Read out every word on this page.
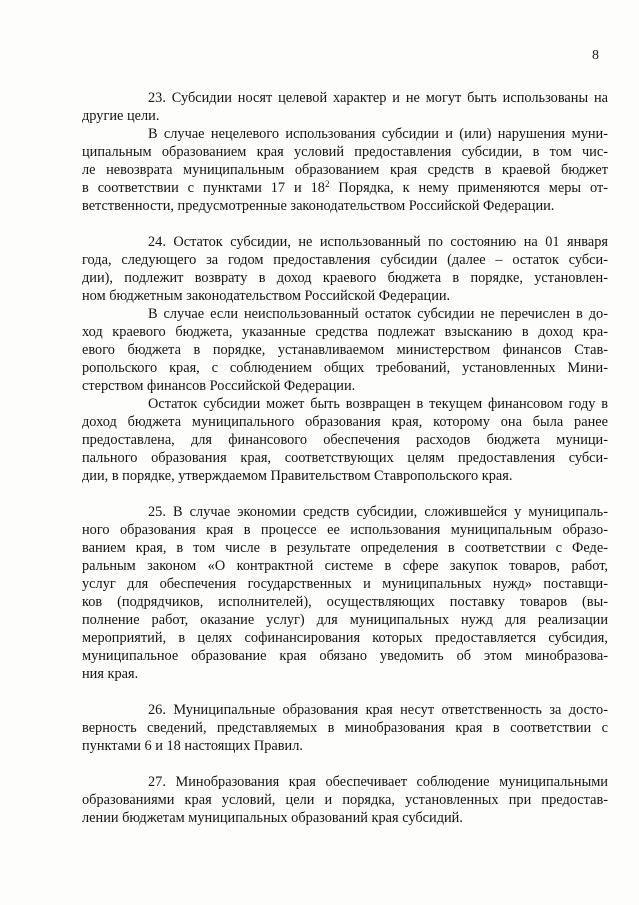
8

23. Субсидии носят целевой характер и не могут быть использованы на
другие цели.

В случае нецелевого использования субсидии и (или) нарушения муни-
ципальным образованием края условий предоставления субсидии, в том чис-
ле невозврата муниципальным образованием края средств в краевой бюджет
в соответствии с пунктами 17 и $18^2$ Порядка, к нему применяются меры от-
ветственности, предусмотренные законодательством Российской Федерации.

24. Остаток субсидии, не использованный по состоянию на 01 января
года, следующего за годом предоставления субсидии (далее – остаток субси-
дии), подлежит возврату в доход краевого бюджета в порядке, установлен-
ном бюджетным законодательством Российской Федерации.

В случае если неиспользованный остаток субсидии не перечислен в до-
ход краевого бюджета, указанные средства подлежат взысканию в доход кра-
евого бюджета в порядке, устанавливаемом министерством финансов Став-
ропольского края, с соблюдением общих требований, установленных Мини-
стерством финансов Российской Федерации.

Остаток субсидии может быть возвращен в текущем финансовом году в
доход бюджета муниципального образования края, которому она была ранее
предоставлена, для финансового обеспечения расходов бюджета муници-
пального образования края, соответствующих целям предоставления субси-
дии, в порядке, утверждаемом Правительством Ставропольского края.

25. В случае экономии средств субсидии, сложившейся у муниципаль-
ного образования края в процессе ее использования муниципальным образо-
ванием края, в том числе в результате определения в соответствии с Феде-
ральным законом «О контрактной системе в сфере закупок товаров, работ,
услуг для обеспечения государственных и муниципальных нужд» поставщи-
ков (подрядчиков, исполнителей), осуществляющих поставку товаров (вы-
полнение работ, оказание услуг) для муниципальных нужд для реализации
мероприятий, в целях софинансирования которых предоставляется субсидия,
муниципальное образование края обязано уведомить об этом минобразова-
ния края.

26. Муниципальные образования края несут ответственность за досто-
верность сведений, представляемых в минобразования края в соответствии с
пунктами 6 и 18 настоящих Правил.

27. Минобразования края обеспечивает соблюдение муниципальными
образованиями края условий, цели и порядка, установленных при предостав-
лении бюджетам муниципальных образований края субсидий.
